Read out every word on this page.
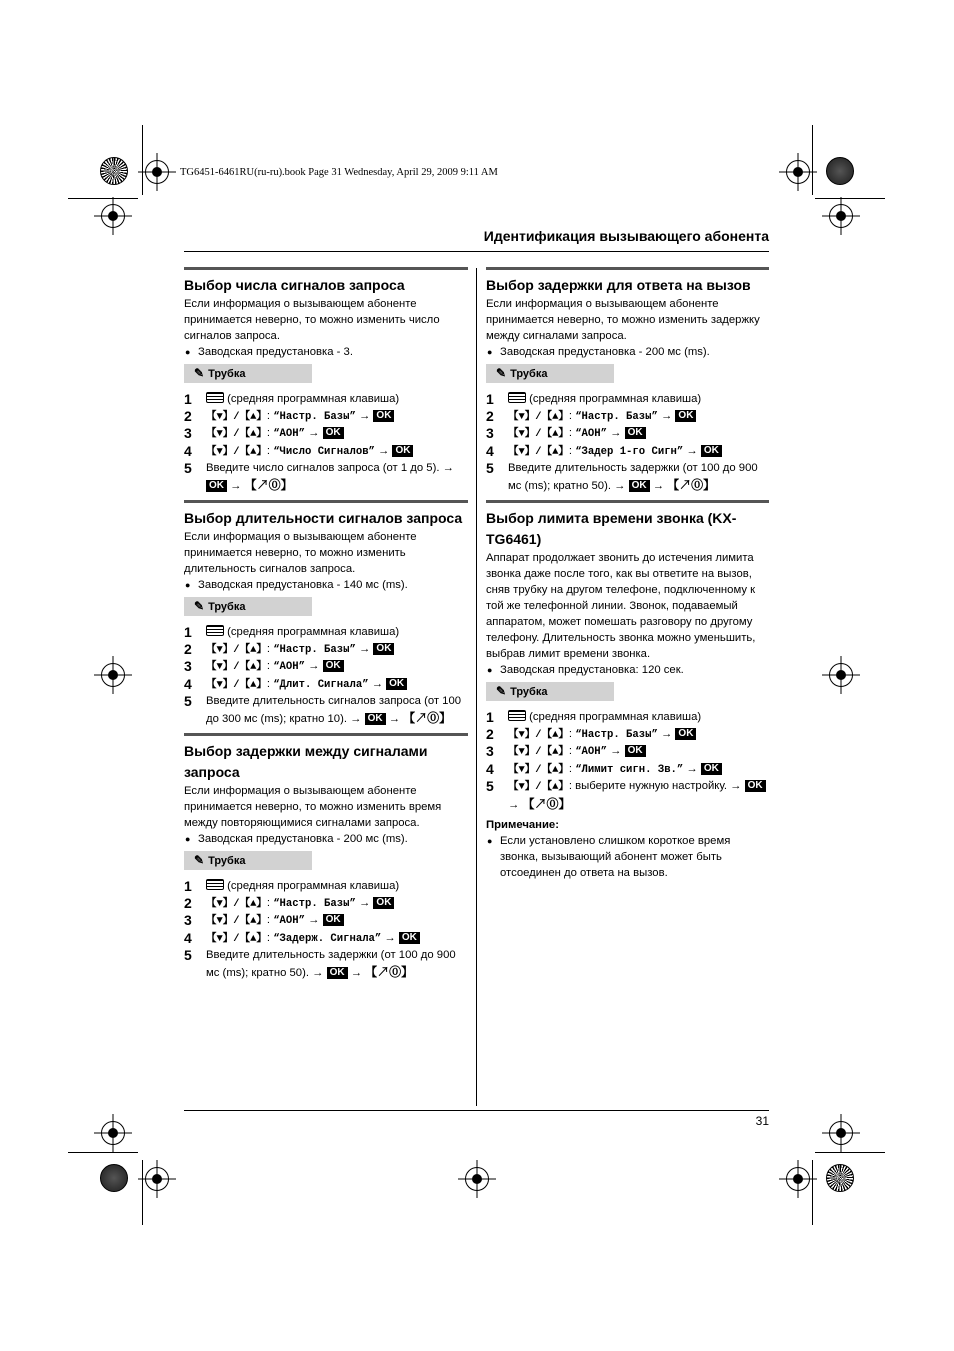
TG6451-6461RU(ru-ru).book Page 31 Wednesday, April 29, 2009 9:11 AM
Идентификация вызывающего абонента
31
Выбор числа сигналов запроса
Если информация о вызывающем абоненте принимается неверно, то можно изменить число сигналов запроса.
● Заводская предустановка - 3.
✎ Трубка
1	(средняя программная клавиша)
2	【▼】/【▲】: “Настр. Базы” → OK
3	【▼】/【▲】: “АОН” → OK
4	【▼】/【▲】: “Число Сигналов” → OK
5	Введите число сигналов запроса (от 1 до 5). → OK → 【↗⓪】
Выбор длительности сигналов запроса
Если информация о вызывающем абоненте принимается неверно, то можно изменить длительность сигналов запроса.
● Заводская предустановка - 140 мс (ms).
✎ Трубка
1	(средняя программная клавиша)
2	【▼】/【▲】: “Настр. Базы” → OK
3	【▼】/【▲】: “АОН” → OK
4	【▼】/【▲】: “Длит. Сигнала” → OK
5	Введите длительность сигналов запроса (от 100 до 300 мс (ms); кратно 10). → OK → 【↗⓪】
Выбор задержки между сигналами запроса
Если информация о вызывающем абоненте принимается неверно, то можно изменить время между повторяющимися сигналами запроса.
● Заводская предустановка - 200 мс (ms).
✎ Трубка
1	(средняя программная клавиша)
2	【▼】/【▲】: “Настр. Базы” → OK
3	【▼】/【▲】: “АОН” → OK
4	【▼】/【▲】: “Задерж. Сигнала” → OK
5	Введите длительность задержки (от 100 до 900 мс (ms); кратно 50). → OK → 【↗⓪】
Выбор задержки для ответа на вызов
Если информация о вызывающем абоненте принимается неверно, то можно изменить задержку между сигналами запроса.
● Заводская предустановка - 200 мс (ms).
✎ Трубка
1	(средняя программная клавиша)
2	【▼】/【▲】: “Настр. Базы” → OK
3	【▼】/【▲】: “АОН” → OK
4	【▼】/【▲】: “Задер 1-го Сигн” → OK
5	Введите длительность задержки (от 100 до 900 мс (ms); кратно 50). → OK → 【↗⓪】
Выбор лимита времени звонка (KX-TG6461)
Аппарат продолжает звонить до истечения лимита звонка даже после того, как вы ответите на вызов, сняв трубку на другом телефоне, подключенному к той же телефонной линии. Звонок, подаваемый аппаратом, может помешать разговору по другому телефону. Длительность звонка можно уменьшить, выбрав лимит времени звонка.
● Заводская предустановка: 120 сек.
✎ Трубка
1	(средняя программная клавиша)
2	【▼】/【▲】: “Настр. Базы” → OK
3	【▼】/【▲】: “АОН” → OK
4	【▼】/【▲】: “Лимит сигн. Зв.” → OK
5	【▼】/【▲】: выберите нужную настройку. → OK
→ 【↗⓪】
Примечание:
● Если установлено слишком короткое время звонка, вызывающий абонент может быть отсоединен до ответа на вызов.
